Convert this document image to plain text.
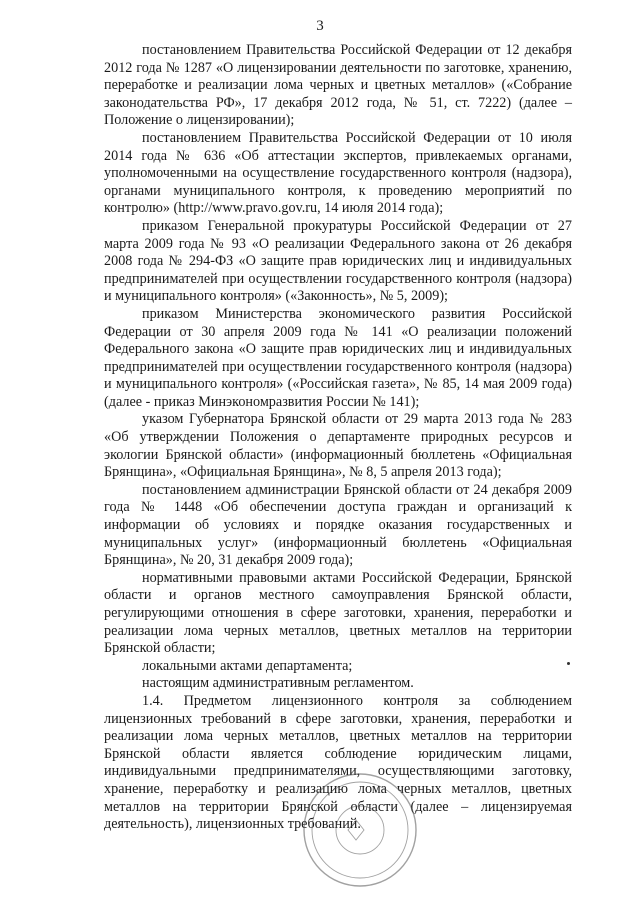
3

постановлением Правительства Российской Федерации от 12 декабря 2012 года № 1287 «О лицензировании деятельности по заготовке, хранению, переработке и реализации лома черных и цветных металлов» («Собрание законодательства РФ», 17 декабря 2012 года, № 51, ст. 7222) (далее – Положение о лицензировании);

постановлением Правительства Российской Федерации от 10 июля 2014 года № 636 «Об аттестации экспертов, привлекаемых органами, уполномоченными на осуществление государственного контроля (надзора), органами муниципального контроля, к проведению мероприятий по контролю» (http://www.pravo.gov.ru, 14 июля 2014 года);

приказом Генеральной прокуратуры Российской Федерации от 27 марта 2009 года № 93 «О реализации Федерального закона от 26 декабря 2008 года № 294-ФЗ «О защите прав юридических лиц и индивидуальных предпринимателей при осуществлении государственного контроля (надзора) и муниципального контроля» («Законность», № 5, 2009);

приказом Министерства экономического развития Российской Федерации от 30 апреля 2009 года № 141 «О реализации положений Федерального закона «О защите прав юридических лиц и индивидуальных предпринимателей при осуществлении государственного контроля (надзора) и муниципального контроля» («Российская газета», № 85, 14 мая 2009 года) (далее - приказ Минэкономразвития России № 141);

указом Губернатора Брянской области от 29 марта 2013 года № 283 «Об утверждении Положения о департаменте природных ресурсов и экологии Брянской области» (информационный бюллетень «Официальная Брянщина», «Официальная Брянщина», № 8, 5 апреля 2013 года);

постановлением администрации Брянской области от 24 декабря 2009 года № 1448 «Об обеспечении доступа граждан и организаций к информации об условиях и порядке оказания государственных и муниципальных услуг» (информационный бюллетень «Официальная Брянщина», № 20, 31 декабря 2009 года);

нормативными правовыми актами Российской Федерации, Брянской области и органов местного самоуправления Брянской области, регулирующими отношения в сфере заготовки, хранения, переработки и реализации лома черных металлов, цветных металлов на территории Брянской области;

локальными актами департамента;

настоящим административным регламентом.

1.4. Предметом лицензионного контроля за соблюдением лицензионных требований в сфере заготовки, хранения, переработки и реализации лома черных металлов, цветных металлов на территории Брянской области является соблюдение юридическим лицами, индивидуальными предпринимателями, осуществляющими заготовку, хранение, переработку и реализацию лома черных металлов, цветных металлов на территории Брянской области (далее – лицензируемая деятельность), лицензионных требований.
